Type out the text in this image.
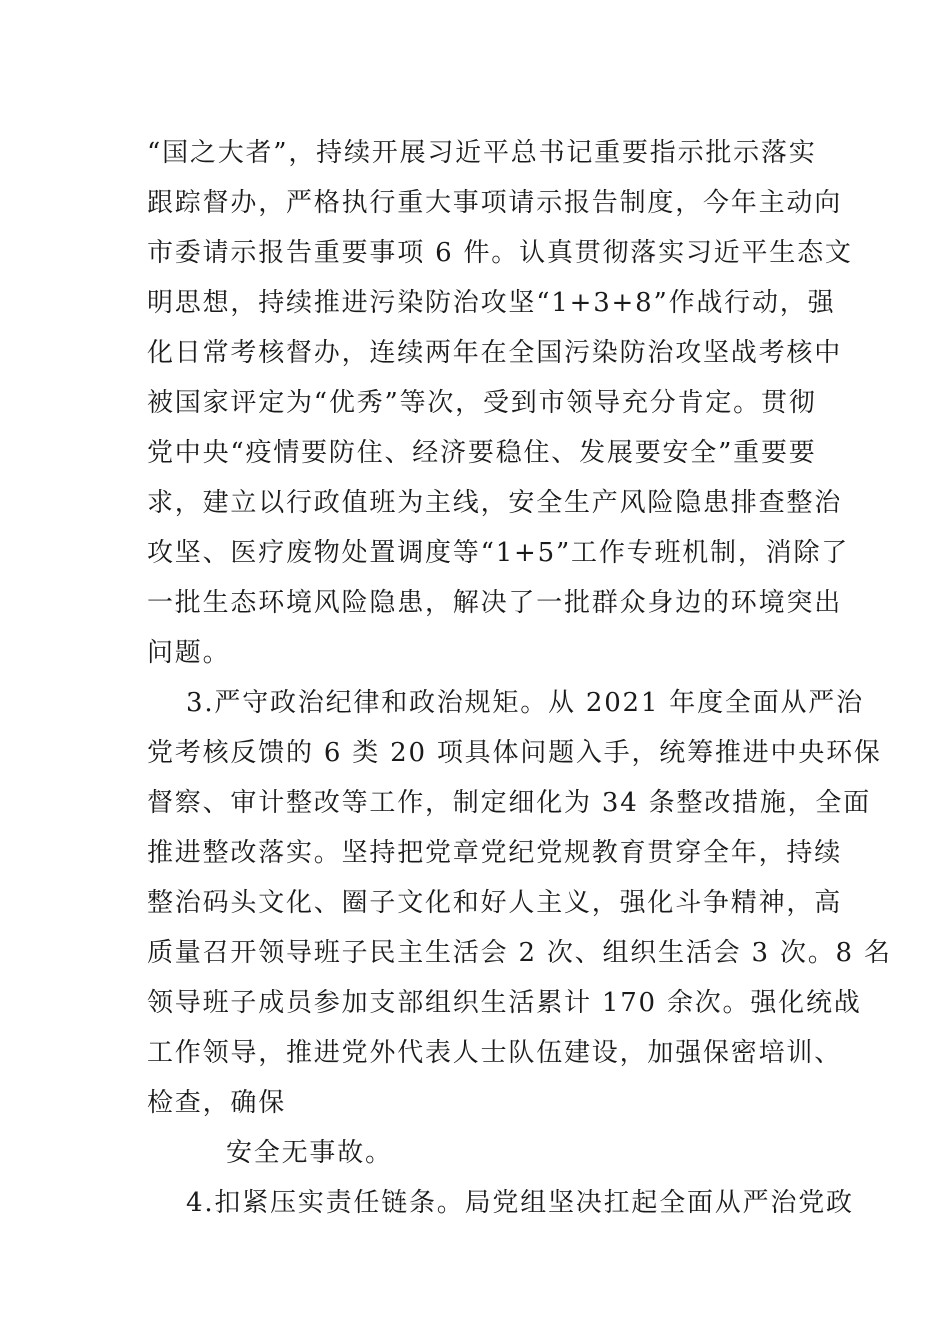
“国之大者”，持续开展习近平总书记重要指示批示落实
跟踪督办，严格执行重大事项请示报告制度，今年主动向
市委请示报告重要事项 6 件。认真贯彻落实习近平生态文
明思想，持续推进污染防治攻坚“1+3+8”作战行动，强
化日常考核督办，连续两年在全国污染防治攻坚战考核中
被国家评定为“优秀”等次，受到市领导充分肯定。贯彻
党中央“疫情要防住、经济要稳住、发展要安全”重要要
求，建立以行政值班为主线，安全生产风险隐患排查整治
攻坚、医疗废物处置调度等“1+5”工作专班机制，消除了
一批生态环境风险隐患，解决了一批群众身边的环境突出
问题。
3.严守政治纪律和政治规矩。从 2021 年度全面从严治
党考核反馈的 6 类 20 项具体问题入手，统筹推进中央环保
督察、审计整改等工作，制定细化为 34 条整改措施，全面
推进整改落实。坚持把党章党纪党规教育贯穿全年，持续
整治码头文化、圈子文化和好人主义，强化斗争精神，高
质量召开领导班子民主生活会 2 次、组织生活会 3 次。8 名
领导班子成员参加支部组织生活累计 170 余次。强化统战
工作领导，推进党外代表人士队伍建设，加强保密培训、
检查，确保
安全无事故。
4.扣紧压实责任链条。局党组坚决扛起全面从严治党政
